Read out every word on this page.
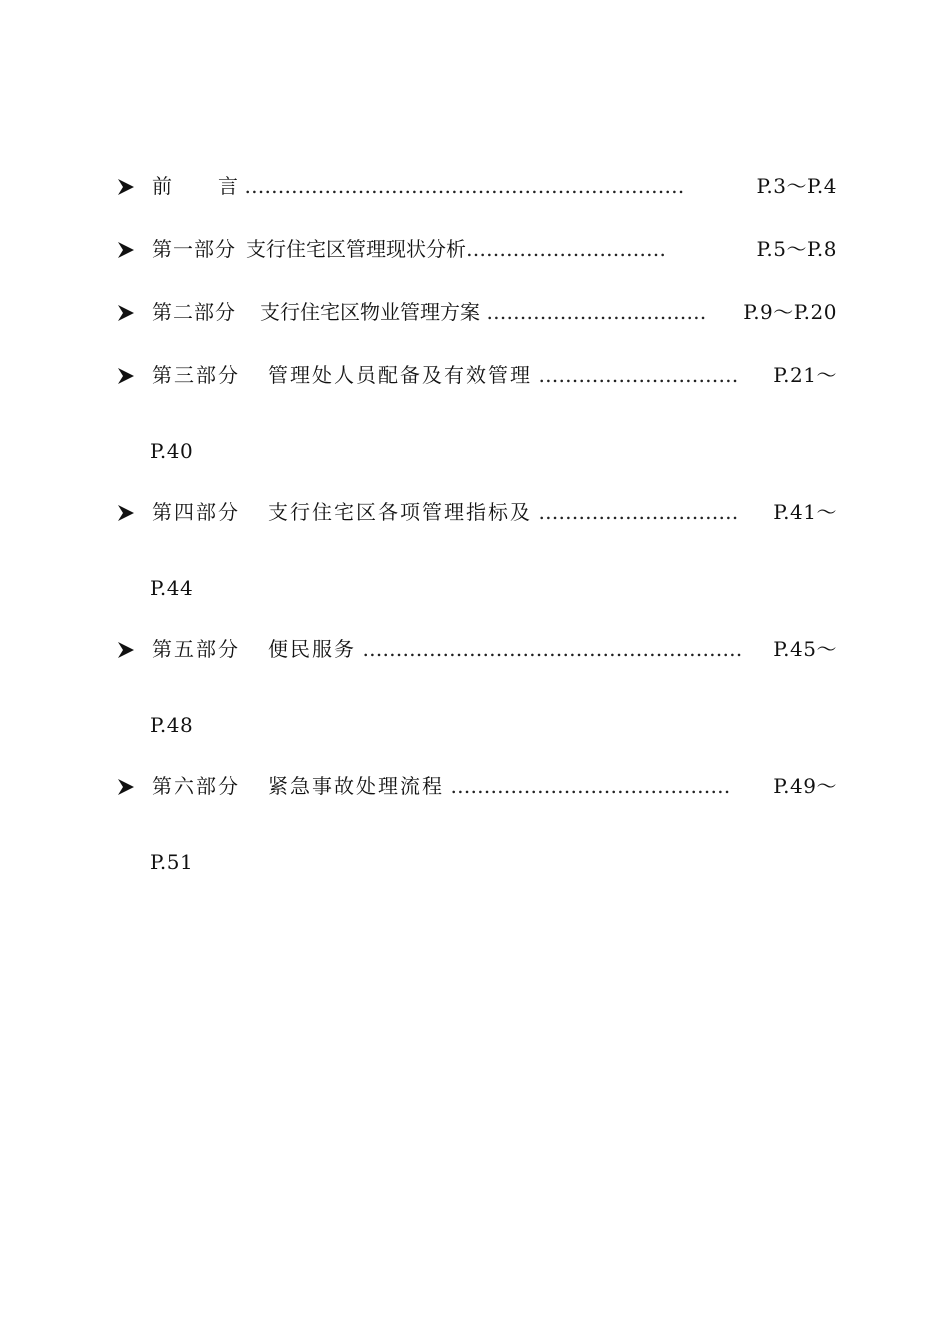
前 言 …………………………………………………………	P.3～P.4
第一部分 支行住宅区管理现状分析…………………………	P.5～P.8
第二部分 支行住宅区物业管理方案 …………………………… P.9～P.20
第三部分 管理处人员配备及有效管理 ………………………… P.21～
P.40
第四部分 支行住宅区各项管理指标及 ………………………… P.41～
P.44
第五部分 便民服务 ………………………………………………… P.45～
P.48
第六部分 紧急事故处理流程 …………………………………… P.49～
P.51
